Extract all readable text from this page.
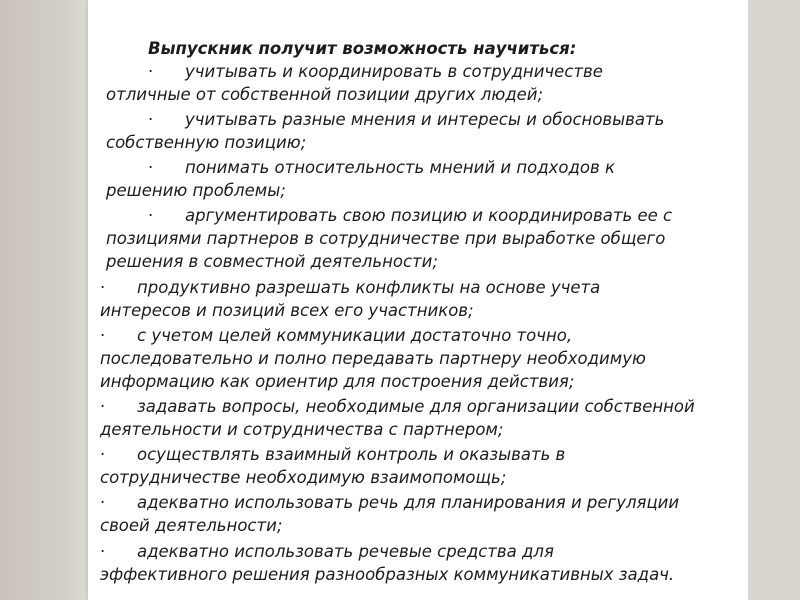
Выпускник получит возможность научиться:
· учитывать и координировать в сотрудничестве
отличные от собственной позиции других людей;
· учитывать разные мнения и интересы и обосновывать
собственную позицию;
· понимать относительность мнений и подходов к
решению проблемы;
· аргументировать свою позицию и координировать ее с
позициями партнеров в сотрудничестве при выработке общего
решения в совместной деятельности;
· продуктивно разрешать конфликты на основе учета
интересов и позиций всех его участников;
· с учетом целей коммуникации достаточно точно,
последовательно и полно передавать партнеру необходимую
информацию как ориентир для построения действия;
· задавать вопросы, необходимые для организации собственной
деятельности и сотрудничества с партнером;
· осуществлять взаимный контроль и оказывать в
сотрудничестве необходимую взаимопомощь;
· адекватно использовать речь для планирования и регуляции
своей деятельности;
· адекватно использовать речевые средства для
эффективного решения разнообразных коммуникативных задач.
